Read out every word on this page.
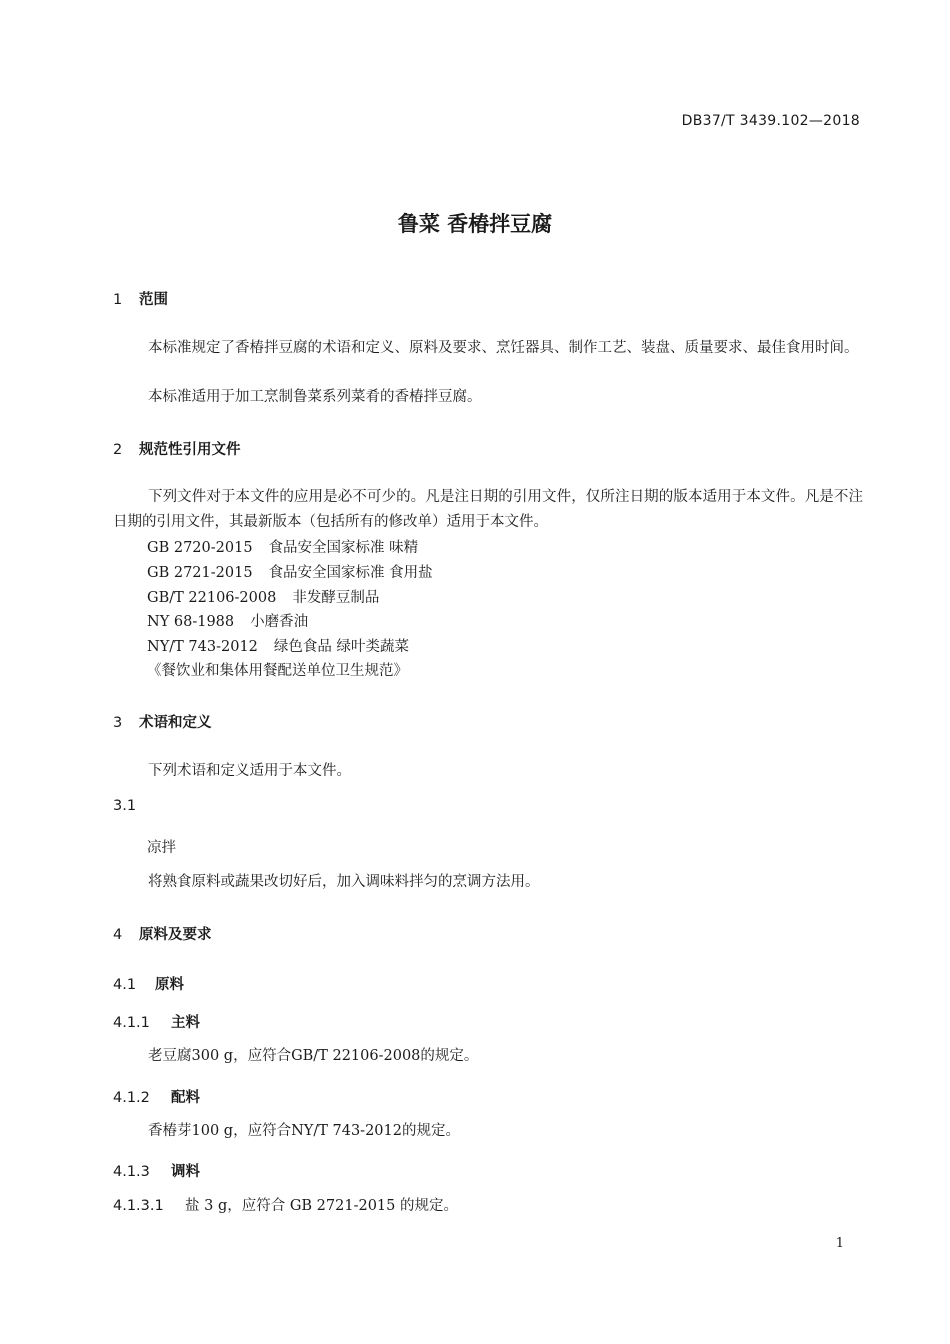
DB37/T 3439.102—2018
鲁菜 香椿拌豆腐
1 范围
本标准规定了香椿拌豆腐的术语和定义、原料及要求、烹饪器具、制作工艺、装盘、质量要求、最佳食用时间。
本标准适用于加工烹制鲁菜系列菜肴的香椿拌豆腐。
2 规范性引用文件
下列文件对于本文件的应用是必不可少的。凡是注日期的引用文件，仅所注日期的版本适用于本文件。凡是不注日期的引用文件，其最新版本（包括所有的修改单）适用于本文件。
GB 2720-2015 食品安全国家标准 味精
GB 2721-2015 食品安全国家标准 食用盐
GB/T 22106-2008 非发酵豆制品
NY 68-1988 小磨香油
NY/T 743-2012 绿色食品 绿叶类蔬菜
《餐饮业和集体用餐配送单位卫生规范》
3 术语和定义
下列术语和定义适用于本文件。
3.1
凉拌
将熟食原料或蔬果改切好后，加入调味料拌匀的烹调方法用。
4 原料及要求
4.1 原料
4.1.1 主料
老豆腐300 g，应符合GB/T 22106-2008的规定。
4.1.2 配料
香椿芽100 g，应符合NY/T 743-2012的规定。
4.1.3 调料
4.1.3.1 盐 3 g，应符合 GB 2721-2015 的规定。
1
